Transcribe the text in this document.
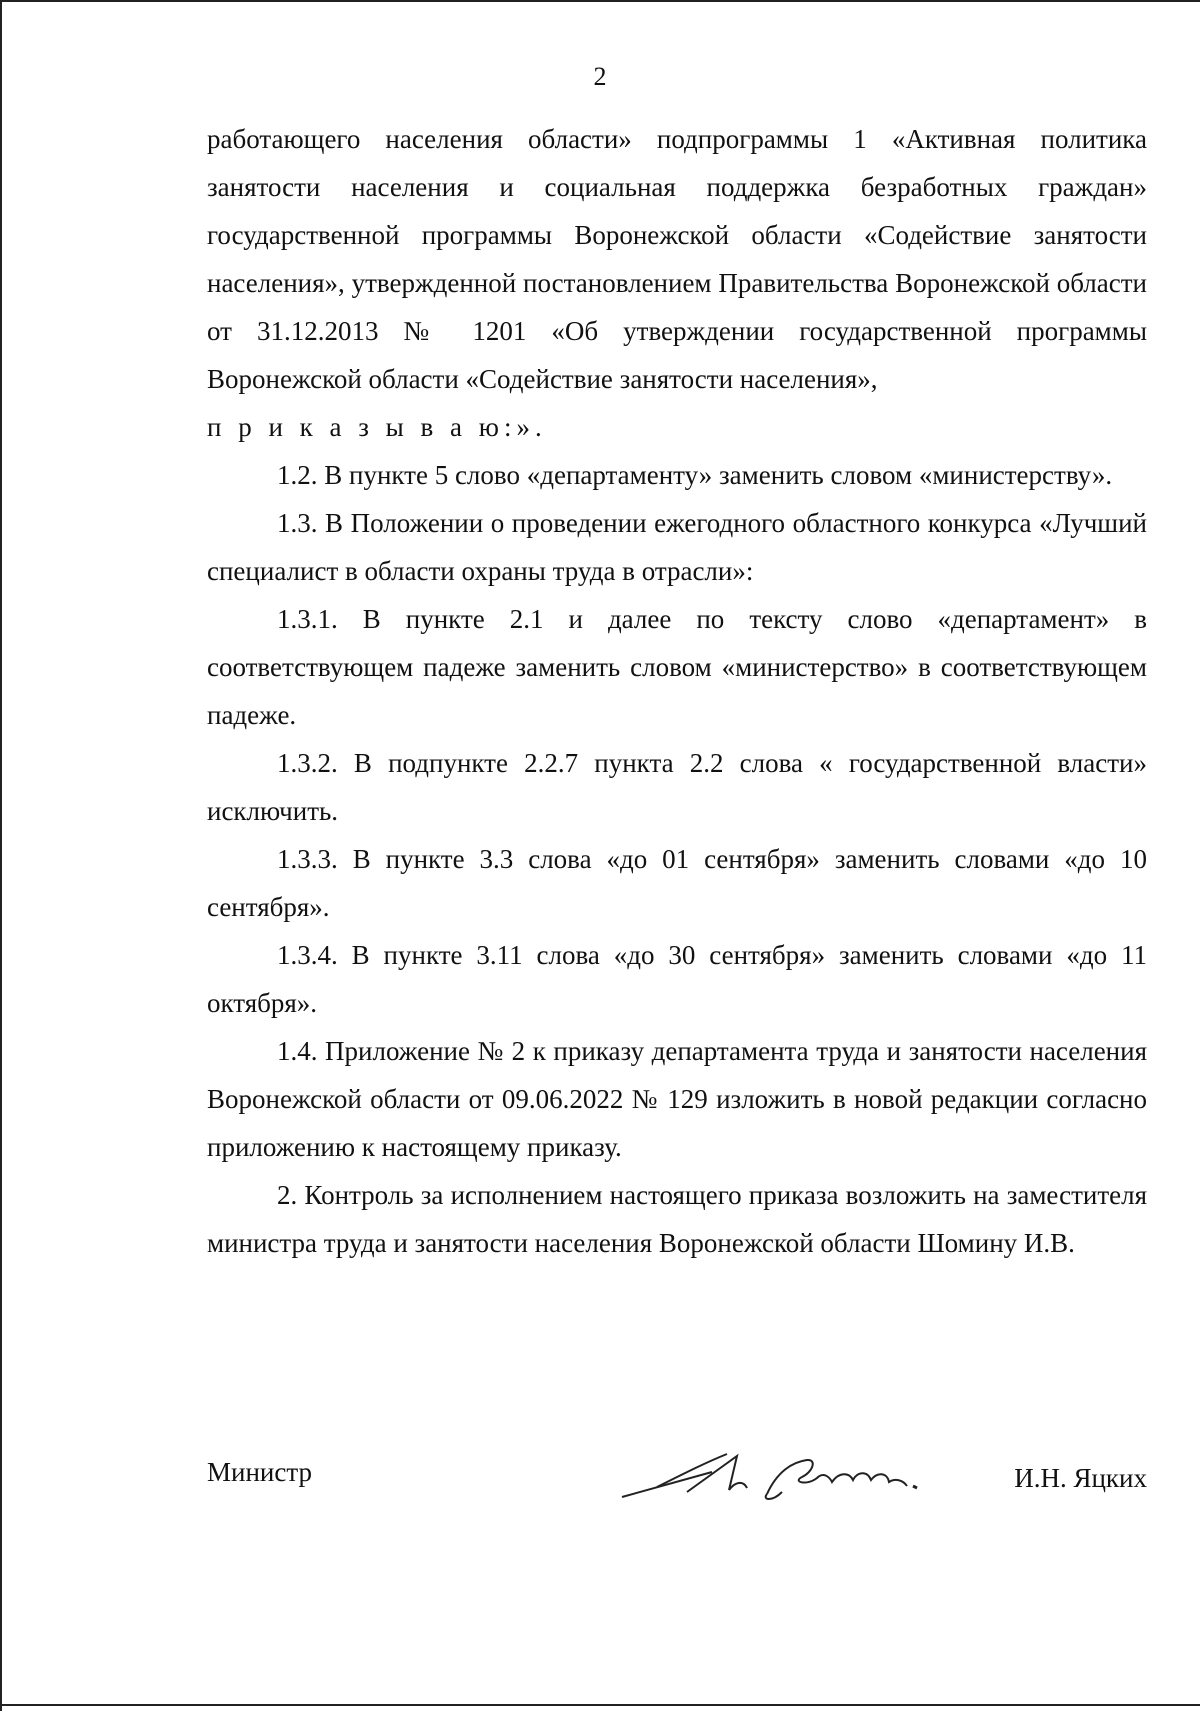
2

работающего населения области» подпрограммы 1 «Активная политика занятости населения и социальная поддержка безработных граждан» государственной программы Воронежской области «Содействие занятости населения», утвержденной постановлением Правительства Воронежской области от 31.12.2013 № 1201 «Об утверждении государственной программы Воронежской области «Содействие занятости населения»,

п р и к а з ы в а ю:».

1.2. В пункте 5 слово «департаменту» заменить словом «министерству».

1.3. В Положении о проведении ежегодного областного конкурса «Лучший специалист в области охраны труда в отрасли»:

1.3.1. В пункте 2.1 и далее по тексту слово «департамент» в соответствующем падеже заменить словом «министерство» в соответствующем падеже.

1.3.2. В подпункте 2.2.7 пункта 2.2 слова « государственной власти» исключить.

1.3.3. В пункте 3.3 слова «до 01 сентября» заменить словами «до 10 сентября».

1.3.4. В пункте 3.11 слова «до 30 сентября» заменить словами «до 11 октября».

1.4. Приложение № 2 к приказу департамента труда и занятости населения Воронежской области от 09.06.2022 № 129 изложить в новой редакции согласно приложению к настоящему приказу.

2. Контроль за исполнением настоящего приказа возложить на заместителя министра труда и занятости населения Воронежской области Шомину И.В.

Министр	И.Н. Яцких
